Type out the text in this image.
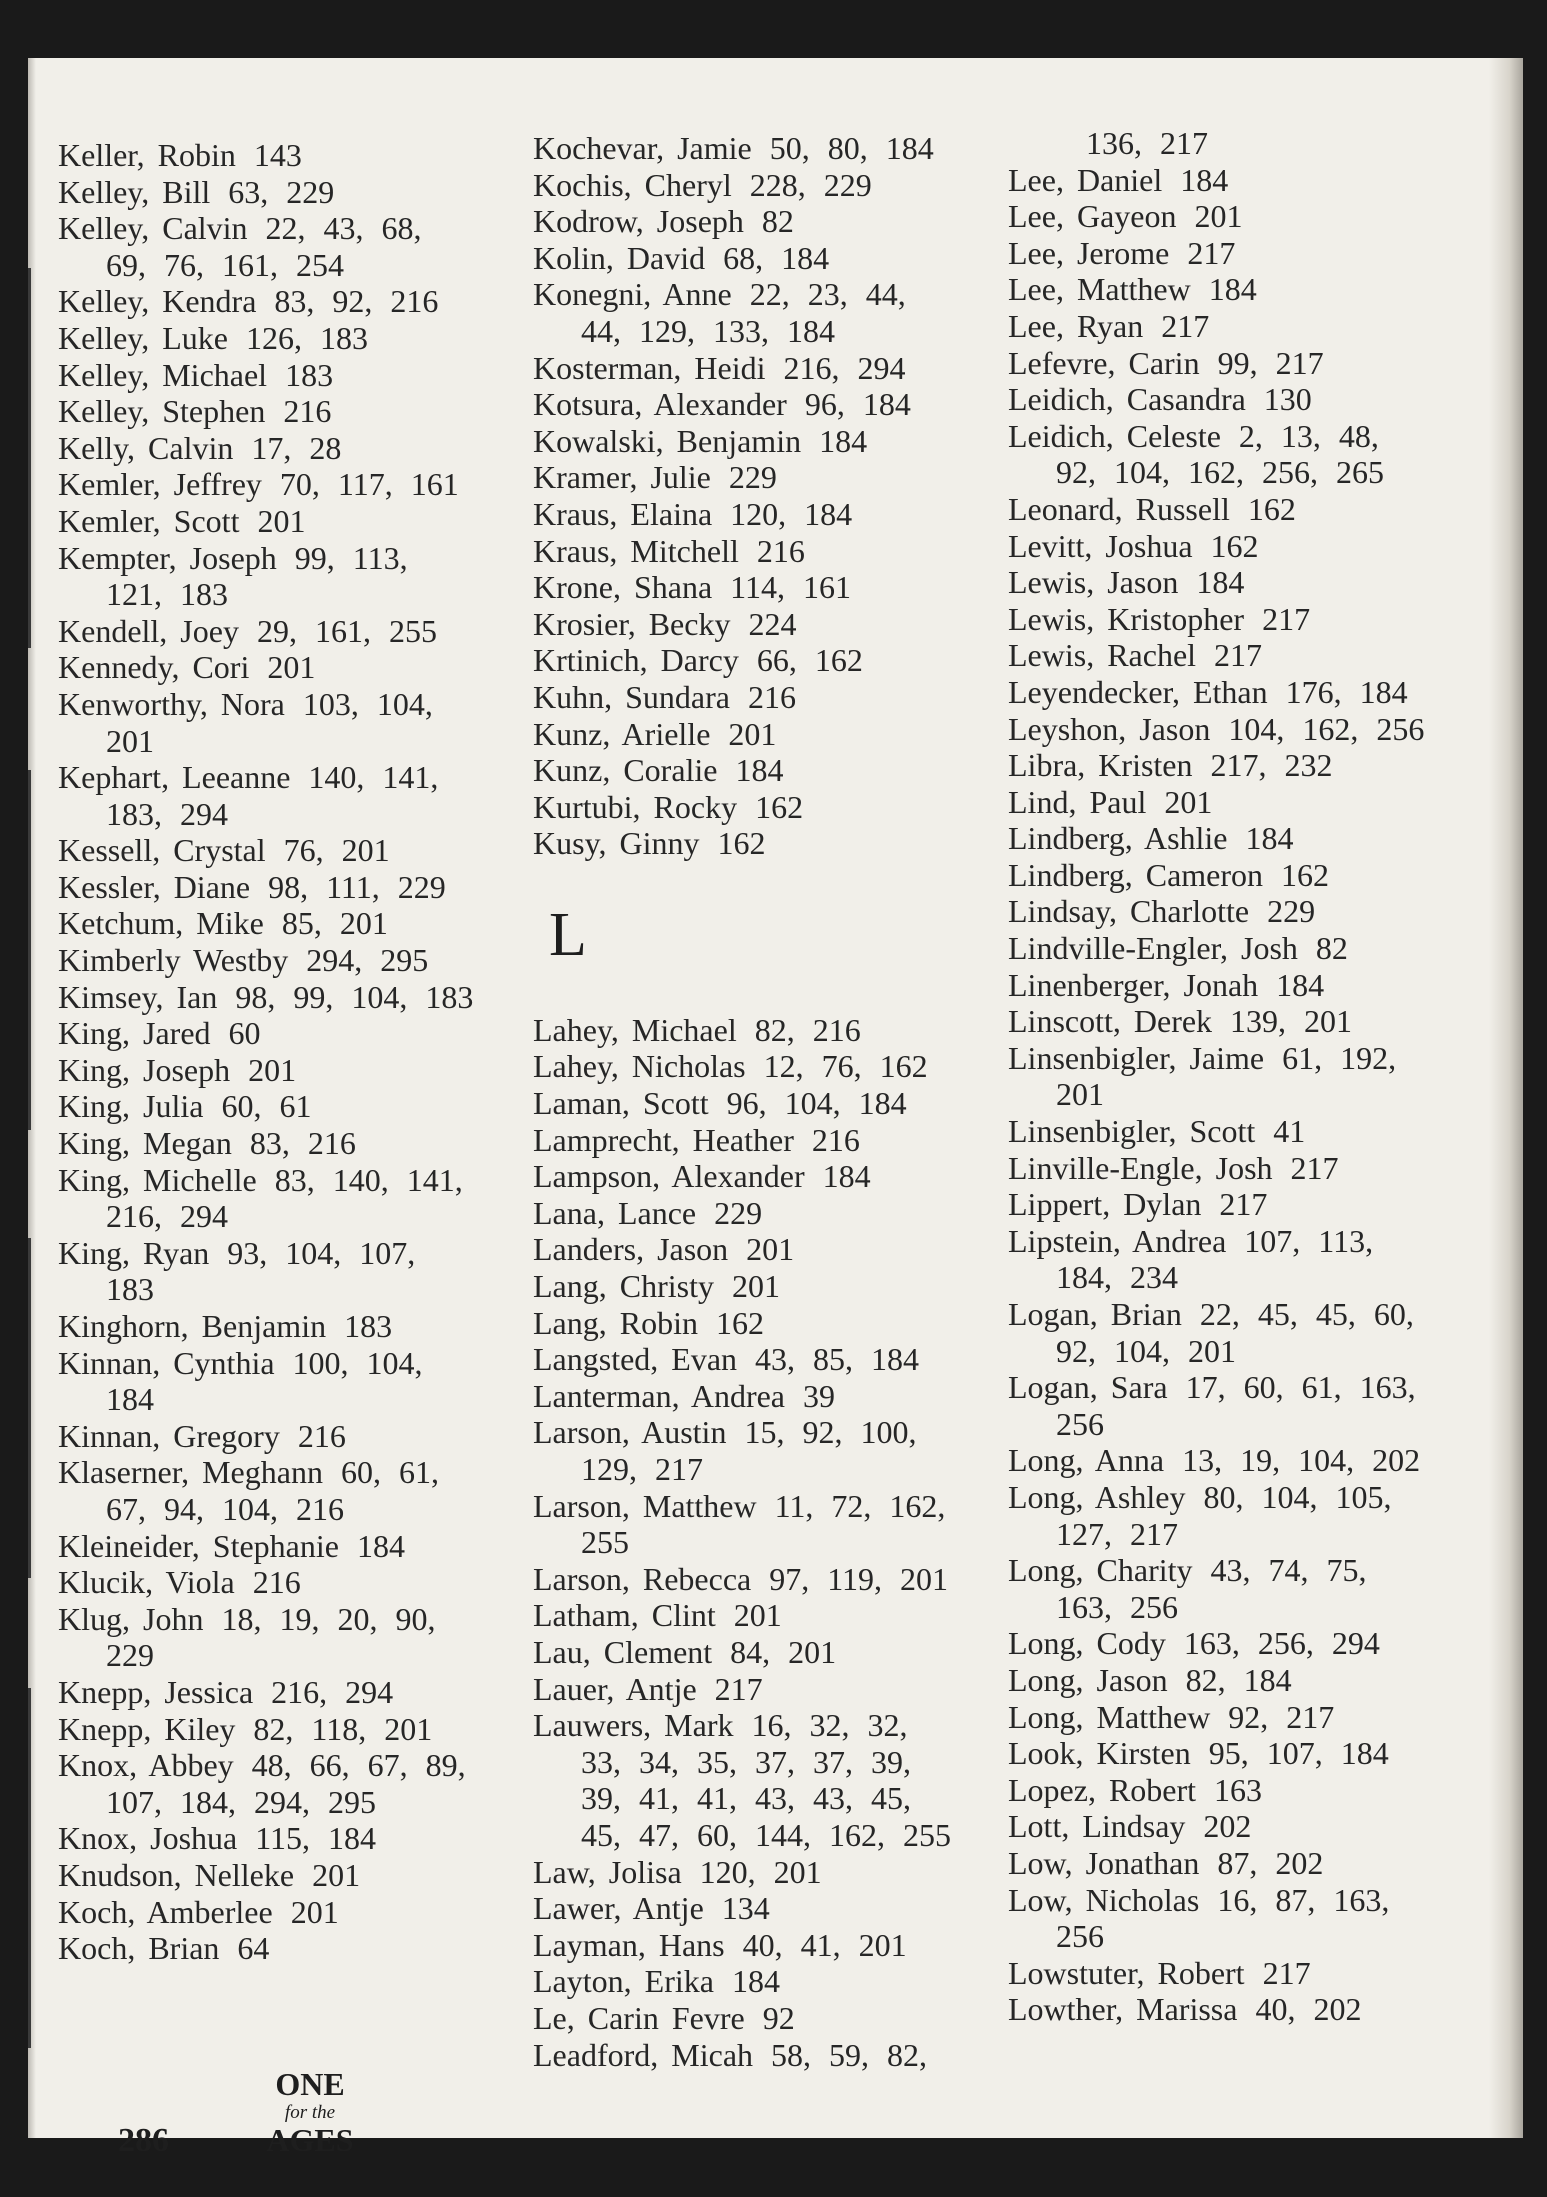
Keller, Robin 143
Kelley, Bill 63, 229
Kelley, Calvin 22, 43, 68,
69, 76, 161, 254
Kelley, Kendra 83, 92, 216
Kelley, Luke 126, 183
Kelley, Michael 183
Kelley, Stephen 216
Kelly, Calvin 17, 28
Kemler, Jeffrey 70, 117, 161
Kemler, Scott 201
Kempter, Joseph 99, 113,
121, 183
Kendell, Joey 29, 161, 255
Kennedy, Cori 201
Kenworthy, Nora 103, 104,
201
Kephart, Leeanne 140, 141,
183, 294
Kessell, Crystal 76, 201
Kessler, Diane 98, 111, 229
Ketchum, Mike 85, 201
Kimberly Westby 294, 295
Kimsey, Ian 98, 99, 104, 183
King, Jared 60
King, Joseph 201
King, Julia 60, 61
King, Megan 83, 216
King, Michelle 83, 140, 141,
216, 294
King, Ryan 93, 104, 107,
183
Kinghorn, Benjamin 183
Kinnan, Cynthia 100, 104,
184
Kinnan, Gregory 216
Klaserner, Meghann 60, 61,
67, 94, 104, 216
Kleineider, Stephanie 184
Klucik, Viola 216
Klug, John 18, 19, 20, 90,
229
Knepp, Jessica 216, 294
Knepp, Kiley 82, 118, 201
Knox, Abbey 48, 66, 67, 89,
107, 184, 294, 295
Knox, Joshua 115, 184
Knudson, Nelleke 201
Koch, Amberlee 201
Koch, Brian 64
Kochevar, Jamie 50, 80, 184
Kochis, Cheryl 228, 229
Kodrow, Joseph 82
Kolin, David 68, 184
Konegni, Anne 22, 23, 44,
44, 129, 133, 184
Kosterman, Heidi 216, 294
Kotsura, Alexander 96, 184
Kowalski, Benjamin 184
Kramer, Julie 229
Kraus, Elaina 120, 184
Kraus, Mitchell 216
Krone, Shana 114, 161
Krosier, Becky 224
Krtinich, Darcy 66, 162
Kuhn, Sundara 216
Kunz, Arielle 201
Kunz, Coralie 184
Kurtubi, Rocky 162
Kusy, Ginny 162
L
Lahey, Michael 82, 216
Lahey, Nicholas 12, 76, 162
Laman, Scott 96, 104, 184
Lamprecht, Heather 216
Lampson, Alexander 184
Lana, Lance 229
Landers, Jason 201
Lang, Christy 201
Lang, Robin 162
Langsted, Evan 43, 85, 184
Lanterman, Andrea 39
Larson, Austin 15, 92, 100,
129, 217
Larson, Matthew 11, 72, 162,
255
Larson, Rebecca 97, 119, 201
Latham, Clint 201
Lau, Clement 84, 201
Lauer, Antje 217
Lauwers, Mark 16, 32, 32,
33, 34, 35, 37, 37, 39,
39, 41, 41, 43, 43, 45,
45, 47, 60, 144, 162, 255
Law, Jolisa 120, 201
Lawer, Antje 134
Layman, Hans 40, 41, 201
Layton, Erika 184
Le, Carin Fevre 92
Leadford, Micah 58, 59, 82,
136, 217
Lee, Daniel 184
Lee, Gayeon 201
Lee, Jerome 217
Lee, Matthew 184
Lee, Ryan 217
Lefevre, Carin 99, 217
Leidich, Casandra 130
Leidich, Celeste 2, 13, 48,
92, 104, 162, 256, 265
Leonard, Russell 162
Levitt, Joshua 162
Lewis, Jason 184
Lewis, Kristopher 217
Lewis, Rachel 217
Leyendecker, Ethan 176, 184
Leyshon, Jason 104, 162, 256
Libra, Kristen 217, 232
Lind, Paul 201
Lindberg, Ashlie 184
Lindberg, Cameron 162
Lindsay, Charlotte 229
Lindville-Engler, Josh 82
Linenberger, Jonah 184
Linscott, Derek 139, 201
Linsenbigler, Jaime 61, 192,
201
Linsenbigler, Scott 41
Linville-Engle, Josh 217
Lippert, Dylan 217
Lipstein, Andrea 107, 113,
184, 234
Logan, Brian 22, 45, 45, 60,
92, 104, 201
Logan, Sara 17, 60, 61, 163,
256
Long, Anna 13, 19, 104, 202
Long, Ashley 80, 104, 105,
127, 217
Long, Charity 43, 74, 75,
163, 256
Long, Cody 163, 256, 294
Long, Jason 82, 184
Long, Matthew 92, 217
Look, Kirsten 95, 107, 184
Lopez, Robert 163
Lott, Lindsay 202
Low, Jonathan 87, 202
Low, Nicholas 16, 87, 163,
256
Lowstuter, Robert 217
Lowther, Marissa 40, 202
ONE
for the
AGES
286
